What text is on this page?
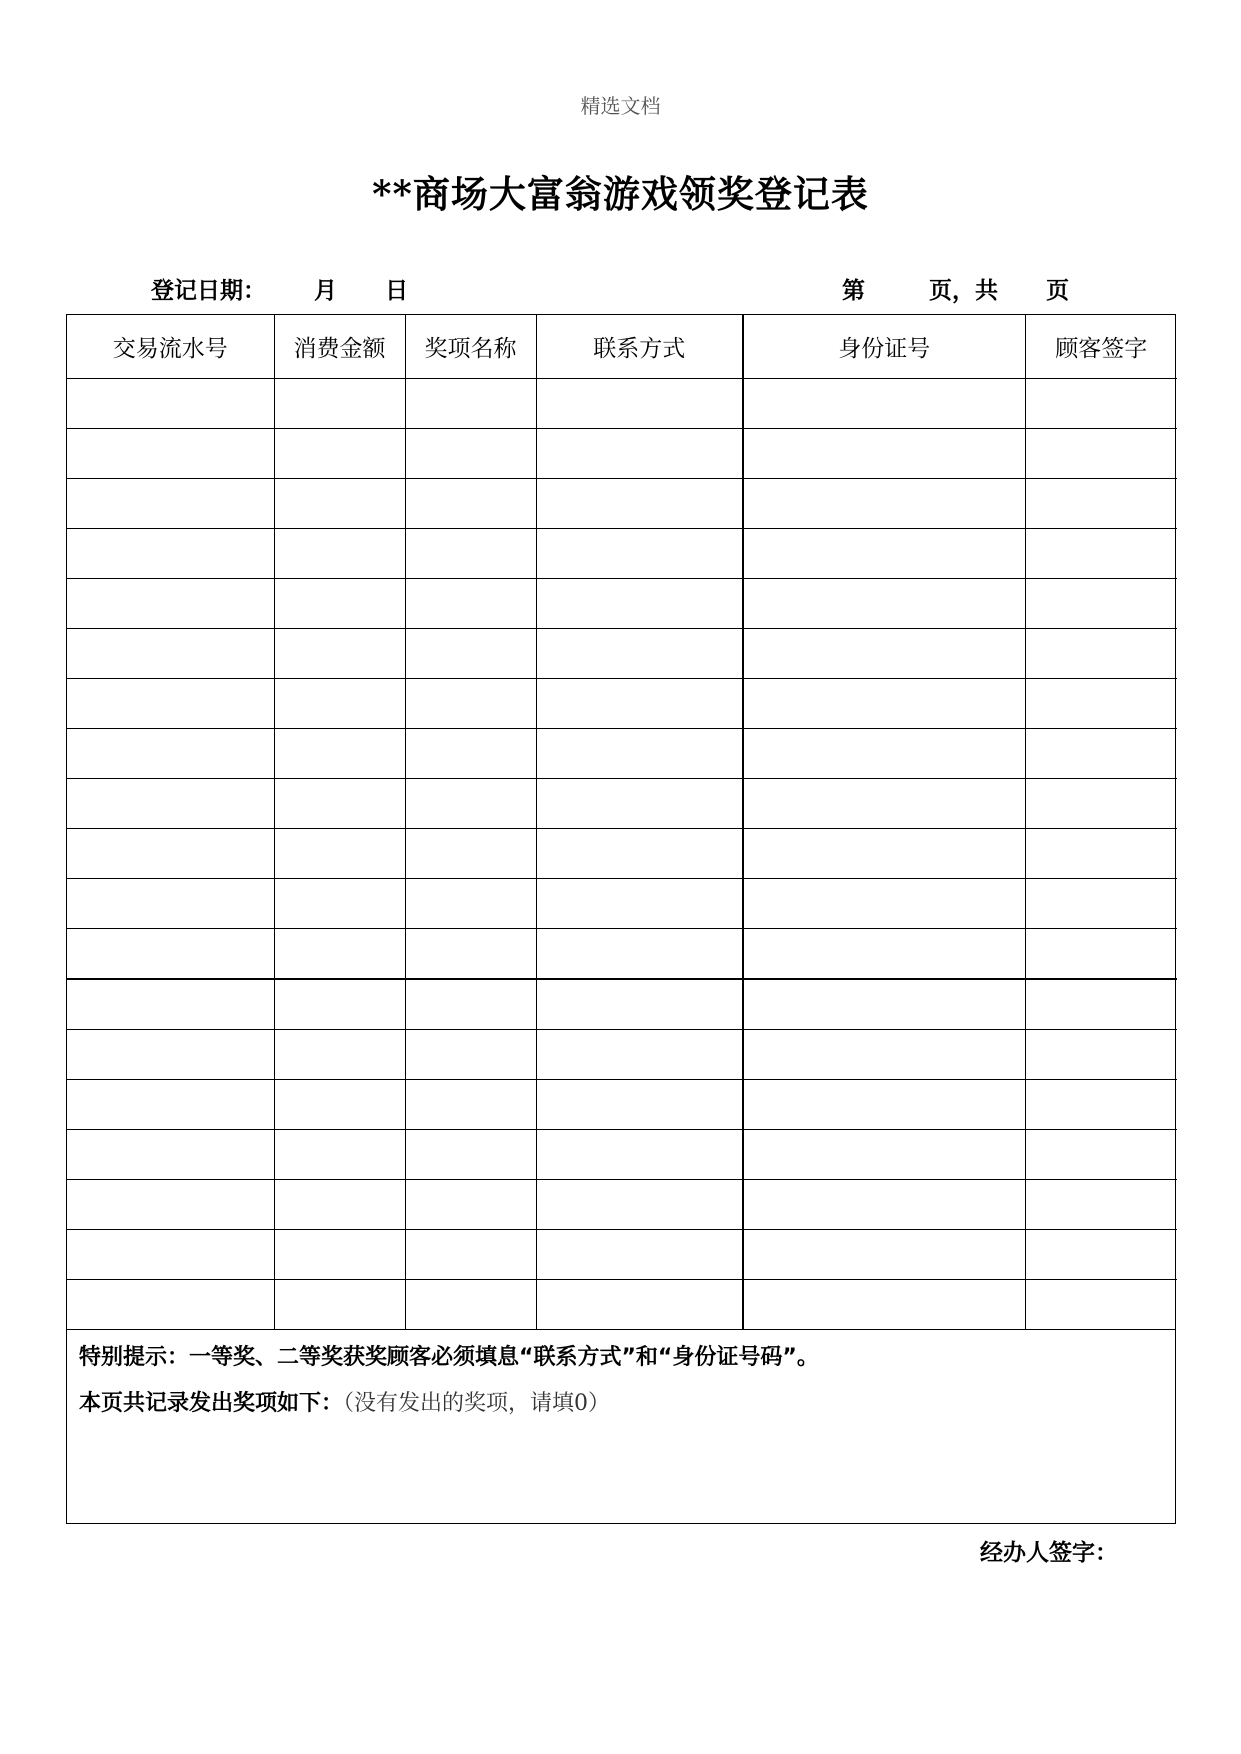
精选文档
**商场大富翁游戏领奖登记表
登记日期：      月      日	第        页，共      页
交易流水号	消费金额	奖项名称	联系方式	身份证号	顾客签字

特别提示：一等奖、二等奖获奖顾客必须填息“联系方式”和“身份证号码”。
本页共记录发出奖项如下：（没有发出的奖项，请填0）
经办人签字：
